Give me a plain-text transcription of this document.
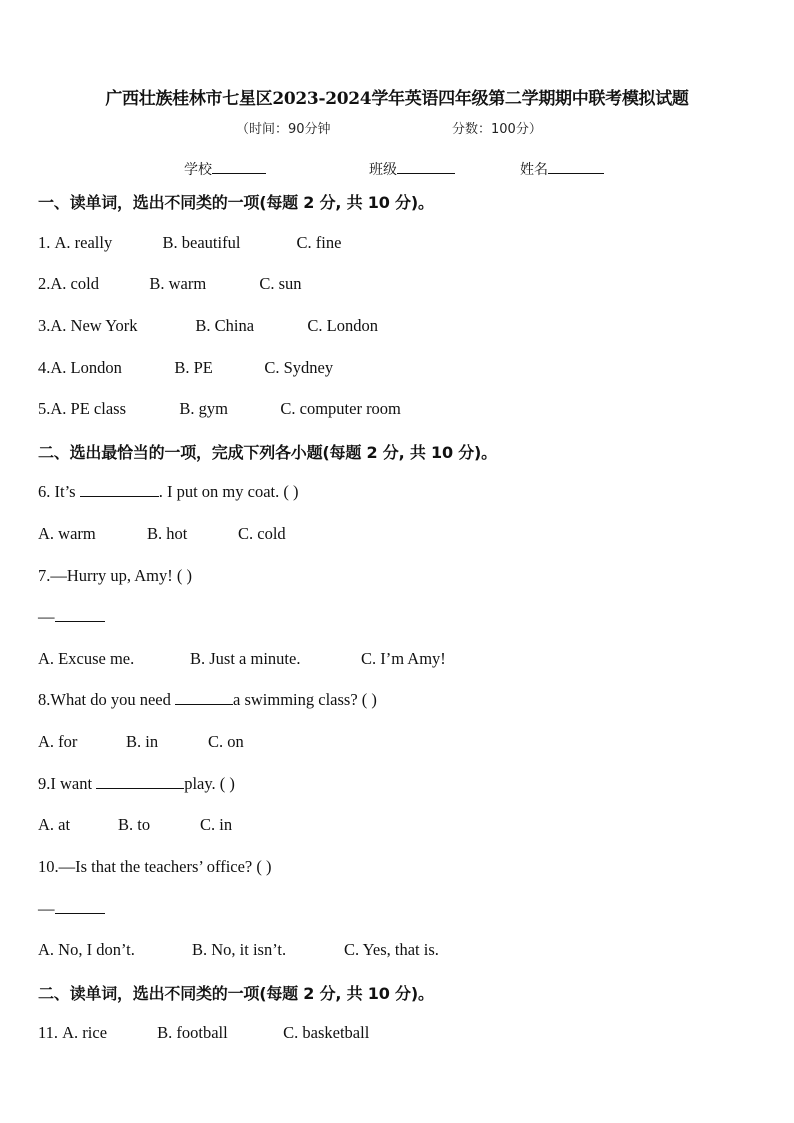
广西壮族桂林市七星区2023-2024学年英语四年级第二学期期中联考模拟试题
（时间：90分钟	分数：100分）
学校	班级	姓名
一、读单词，选出不同类的一项(每题 2 分, 共 10 分)。
1. A. really	B. beautiful	C. fine
2.A. cold	B. warm	C. sun
3.A. New York	B. China	C. London
4.A. London	B. PE	C. Sydney
5.A. PE class	B. gym	C. computer room
二、选出最恰当的一项，完成下列各小题(每题 2 分, 共 10 分)。
6. It’s	. I put on my coat. ( )
A. warm	B. hot	C. cold
7.—Hurry up, Amy! ( )
—
A. Excuse me.	B. Just a minute.	C. I’m Amy!
8.What do you need	a swimming class? ( )
A. for	B. in	C. on
9.I want	play. ( )
A. at	B. to	C. in
10.—Is that the teachers’ office? ( )
—
A. No, I don’t.	B. No, it isn’t.	C. Yes, that is.
二、读单词，选出不同类的一项(每题 2 分, 共 10 分)。
11. A. rice	B. football	C. basketball
